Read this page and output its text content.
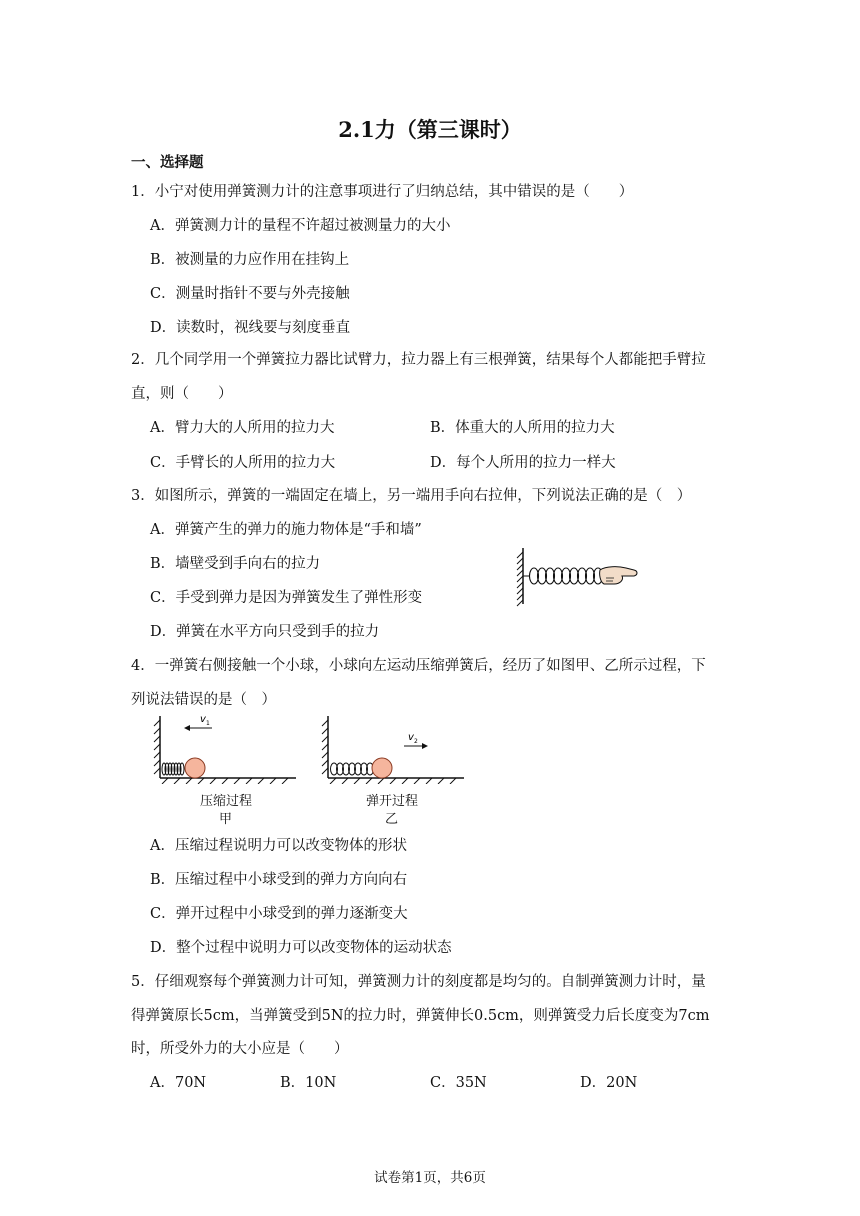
2.1力（第三课时）
一、选择题
1．小宁对使用弹簧测力计的注意事项进行了归纳总结，其中错误的是（　　）
A．弹簧测力计的量程不许超过被测量力的大小
B．被测量的力应作用在挂钩上
C．测量时指针不要与外壳接触
D．读数时，视线要与刻度垂直
2．几个同学用一个弹簧拉力器比试臂力，拉力器上有三根弹簧，结果每个人都能把手臂拉
直，则（　　）
A．臂力大的人所用的拉力大	B．体重大的人所用的拉力大
C．手臂长的人所用的拉力大	D．每个人所用的拉力一样大
3．如图所示，弹簧的一端固定在墙上，另一端用手向右拉伸，下列说法正确的是（　）
A．弹簧产生的弹力的施力物体是“手和墙”
B．墙壁受到手向右的拉力
C．手受到弹力是因为弹簧发生了弹性形变
D．弹簧在水平方向只受到手的拉力
4．一弹簧右侧接触一个小球，小球向左运动压缩弹簧后，经历了如图甲、乙所示过程，下
列说法错误的是（　）
v 1
压缩过程
甲
v 2
弹开过程
乙
A．压缩过程说明力可以改变物体的形状
B．压缩过程中小球受到的弹力方向向右
C．弹开过程中小球受到的弹力逐渐变大
D．整个过程中说明力可以改变物体的运动状态
5．仔细观察每个弹簧测力计可知，弹簧测力计的刻度都是均匀的。自制弹簧测力计时，量
得弹簧原长5cm，当弹簧受到5N的拉力时，弹簧伸长0.5cm，则弹簧受力后长度变为7cm
时，所受外力的大小应是（　　）
A．70N	B．10N	C．35N	D．20N
试卷第1页，共6页
